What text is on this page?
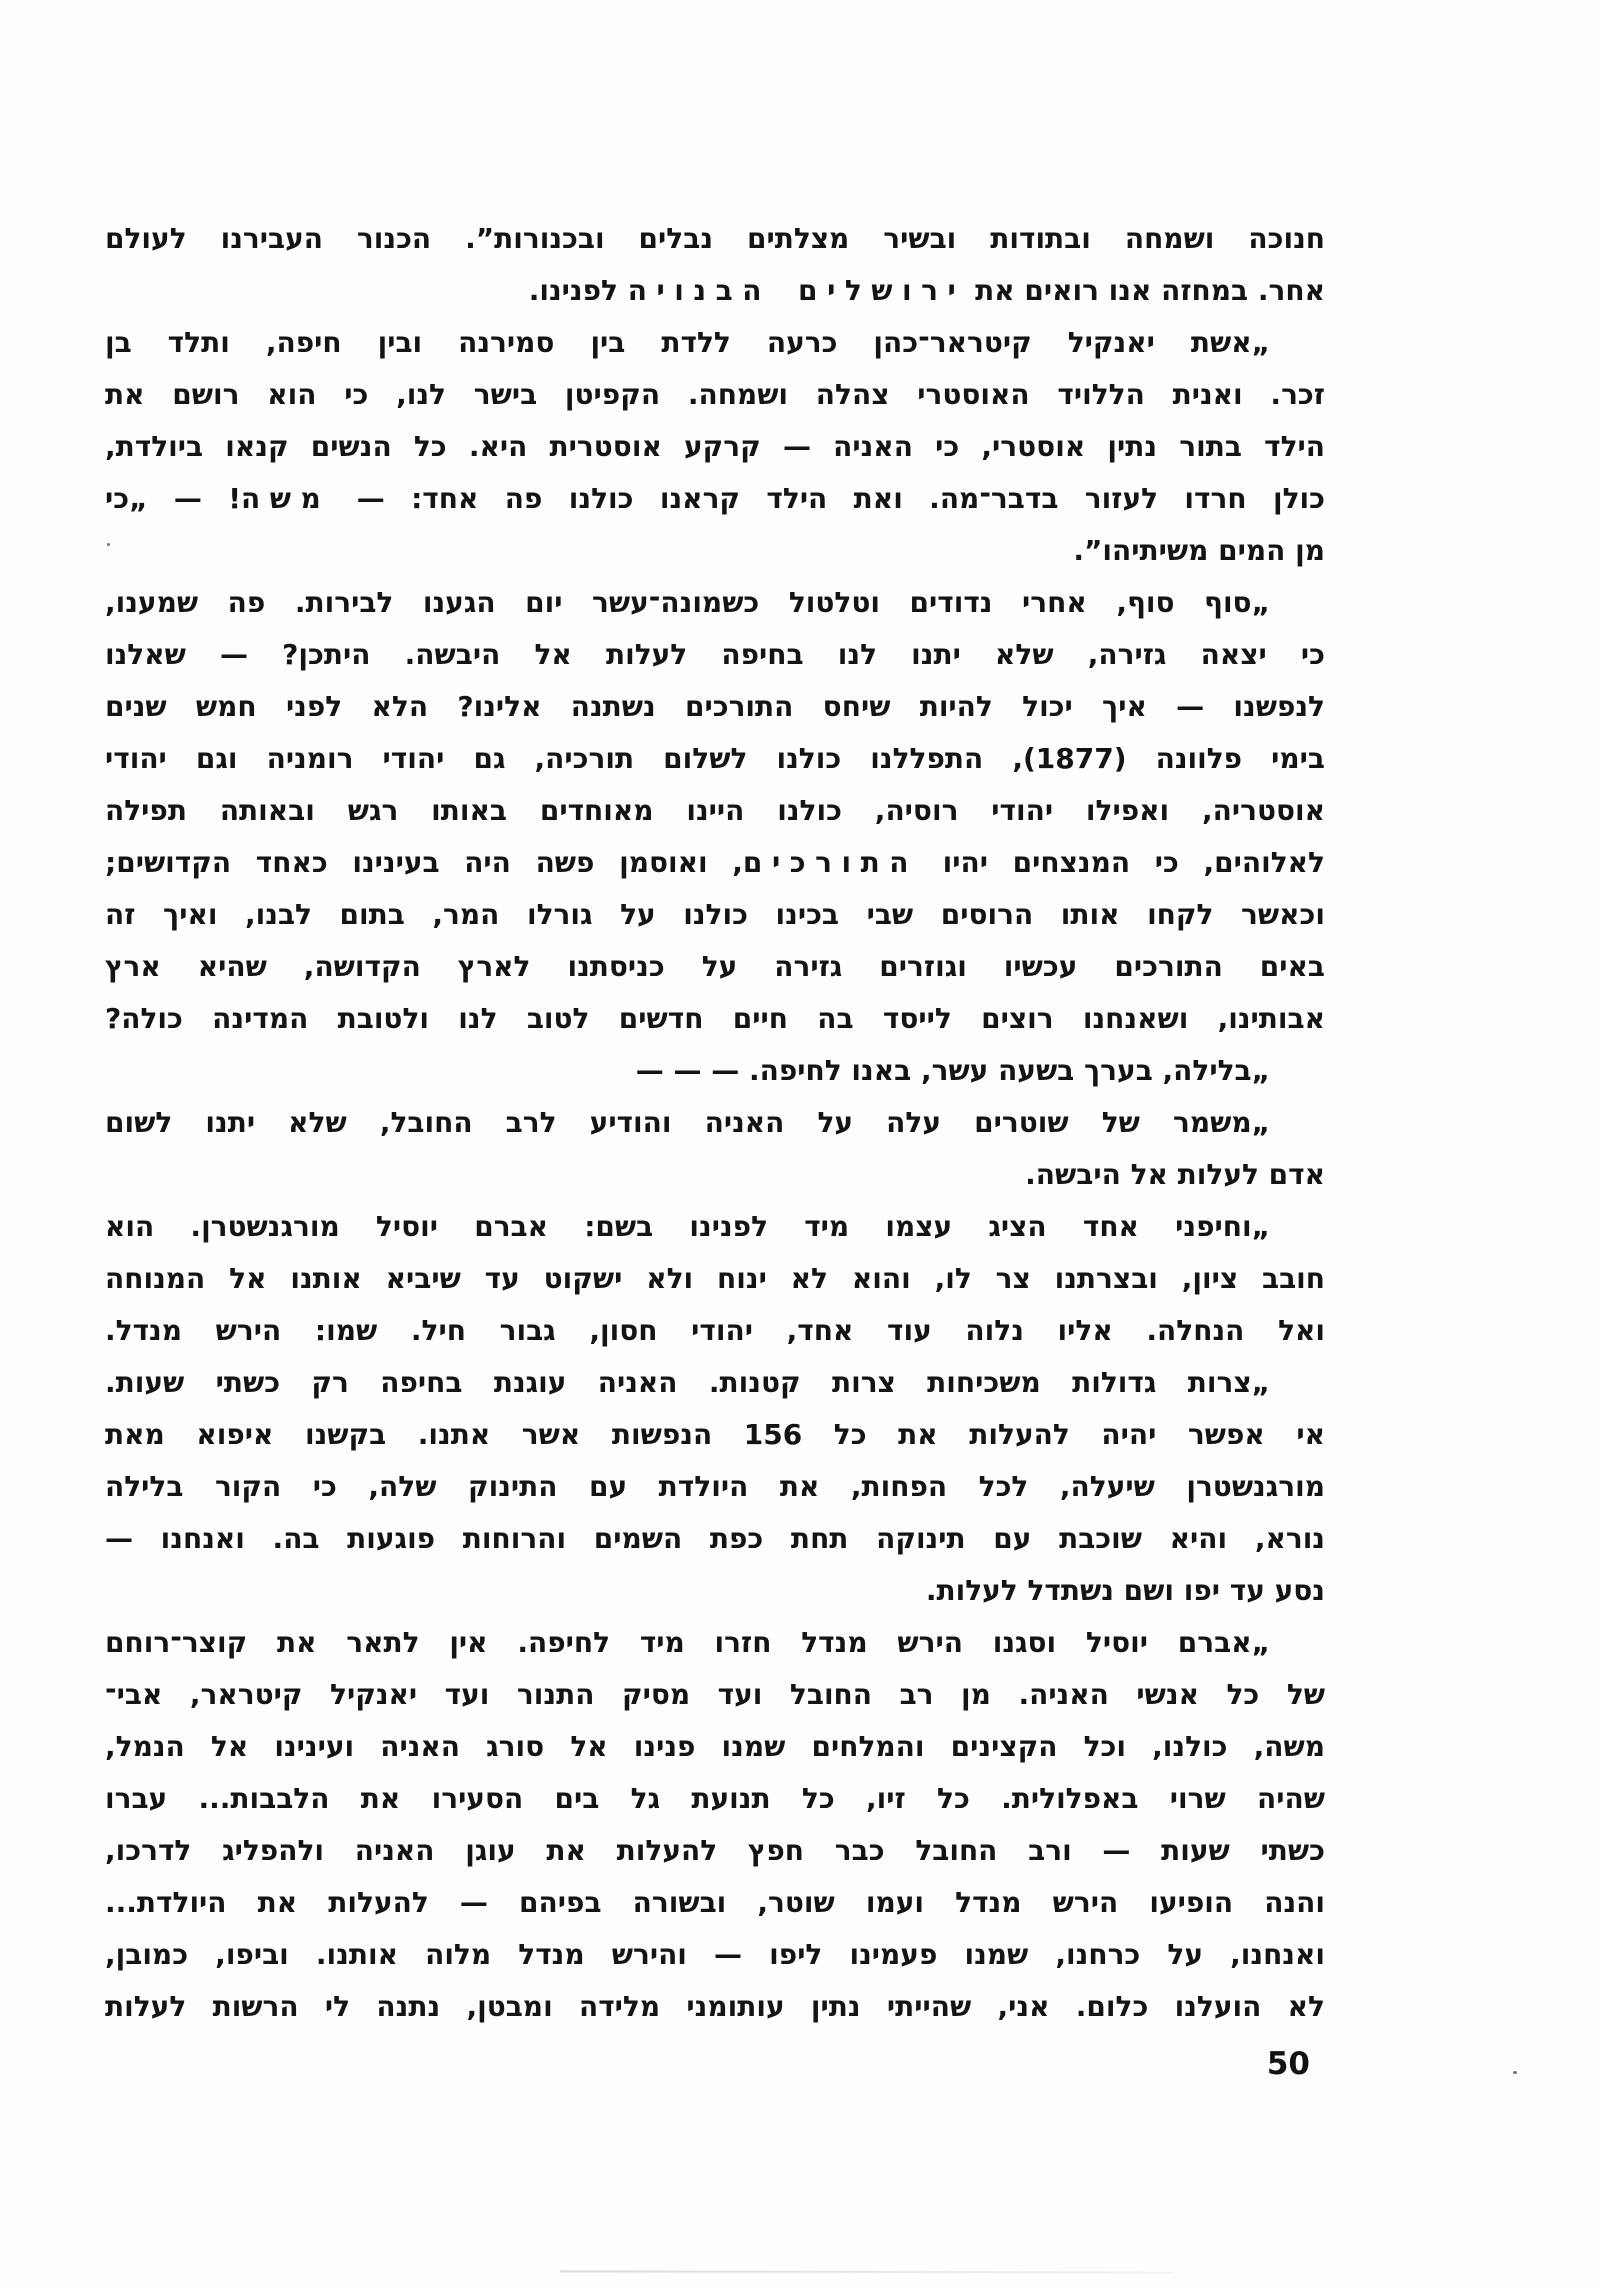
חנוכה ושמחה ובתודות ובשיר מצלתים נבלים ובכנורות”. הכנור העבירנו לעולם
אחר. במחזה אנו רואים את ירושלים הבנויה לפנינו.
„אשת יאנקיל קיטראר־כהן כרעה ללדת בין סמירנה ובין חיפה, ותלד בן
זכר. ואנית הללויד האוסטרי צהלה ושמחה. הקפיטן בישר לנו, כי הוא רושם את
הילד בתור נתין אוסטרי, כי האניה — קרקע אוסטרית היא. כל הנשים קנאו ביולדת,
כולן חרדו לעזור בדבר־מה. ואת הילד קראנו כולנו פה אחד: — משה! — „כי
מן המים משיתיהו”.
„סוף סוף, אחרי נדודים וטלטול כשמונה־עשר יום הגענו לבירות. פה שמענו,
כי יצאה גזירה, שלא יתנו לנו בחיפה לעלות אל היבשה. היתכן? — שאלנו
לנפשנו — איך יכול להיות שיחס התורכים נשתנה אלינו? הלא לפני חמש שנים
בימי פלוונה (1877), התפללנו כולנו לשלום תורכיה, גם יהודי רומניה וגם יהודי
אוסטריה, ואפילו יהודי רוסיה, כולנו היינו מאוחדים באותו רגש ובאותה תפילה
לאלוהים, כי המנצחים יהיו התורכים, ואוסמן פשה היה בעינינו כאחד הקדושים;
וכאשר לקחו אותו הרוסים שבי בכינו כולנו על גורלו המר, בתום לבנו, ואיך זה
באים התורכים עכשיו וגוזרים גזירה על כניסתנו לארץ הקדושה, שהיא ארץ
אבותינו, ושאנחנו רוצים לייסד בה חיים חדשים לטוב לנו ולטובת המדינה כולה?
„בלילה, בערך בשעה עשר, באנו לחיפה. — — —
„משמר של שוטרים עלה על האניה והודיע לרב החובל, שלא יתנו לשום
אדם לעלות אל היבשה.
„וחיפני אחד הציג עצמו מיד לפנינו בשם: אברם יוסיל מורגנשטרן. הוא
חובב ציון, ובצרתנו צר לו, והוא לא ינוח ולא ישקוט עד שיביא אותנו אל המנוחה
ואל הנחלה. אליו נלוה עוד אחד, יהודי חסון, גבור חיל. שמו: הירש מנדל.
„צרות גדולות משכיחות צרות קטנות. האניה עוגנת בחיפה רק כשתי שעות.
אי אפשר יהיה להעלות את כל 156 הנפשות אשר אתנו. בקשנו איפוא מאת
מורגנשטרן שיעלה, לכל הפחות, את היולדת עם התינוק שלה, כי הקור בלילה
נורא, והיא שוכבת עם תינוקה תחת כפת השמים והרוחות פוגעות בה. ואנחנו —
נסע עד יפו ושם נשתדל לעלות.
„אברם יוסיל וסגנו הירש מנדל חזרו מיד לחיפה. אין לתאר את קוצר־רוחם
של כל אנשי האניה. מן רב החובל ועד מסיק התנור ועד יאנקיל קיטראר, אבי־
משה, כולנו, וכל הקצינים והמלחים שמנו פנינו אל סורג האניה ועינינו אל הנמל,
שהיה שרוי באפלולית. כל זיו, כל תנועת גל בים הסעירו את הלבבות... עברו
כשתי שעות — ורב החובל כבר חפץ להעלות את עוגן האניה ולהפליג לדרכו,
והנה הופיעו הירש מנדל ועמו שוטר, ובשורה בפיהם — להעלות את היולדת...
ואנחנו, על כרחנו, שמנו פעמינו ליפו — והירש מנדל מלוה אותנו. וביפו, כמובן,
לא הועלנו כלום. אני, שהייתי נתין עותומני מלידה ומבטן, נתנה לי הרשות לעלות
50
